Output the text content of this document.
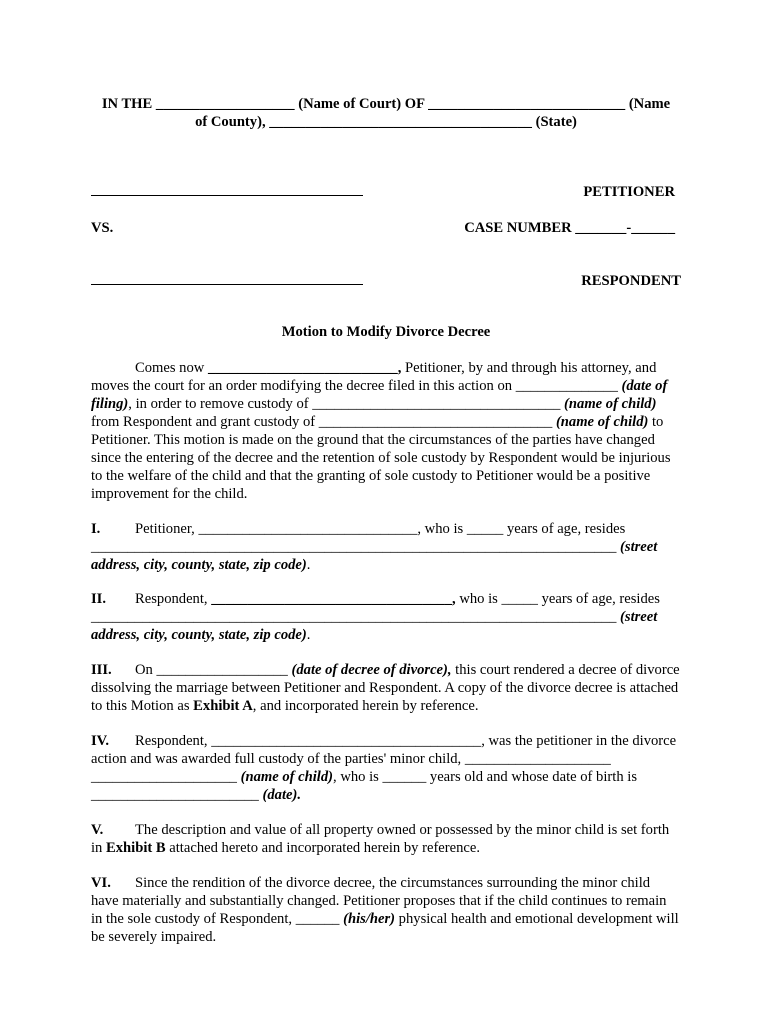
IN THE ___________________ (Name of Court) OF ___________________________ (Name
of County), ____________________________________ (State)
PETITIONER
VS.	CASE NUMBER _______-______
RESPONDENT
Motion to Modify Divorce Decree
Comes now __________________________, Petitioner, by and through his attorney, and moves the court for an order modifying the decree filed in this action on ______________ (date of filing), in order to remove custody of __________________________________ (name of child) from Respondent and grant custody of ________________________________ (name of child) to Petitioner. This motion is made on the ground that the circumstances of the parties have changed since the entering of the decree and the retention of sole custody by Respondent would be injurious to the welfare of the child and that the granting of sole custody to Petitioner would be a positive improvement for the child.
I. Petitioner, ______________________________, who is _____ years of age, resides ________________________________________________________________________ (street address, city, county, state, zip code).
II. Respondent, _________________________________, who is _____ years of age, resides ________________________________________________________________________ (street address, city, county, state, zip code).
III. On __________________ (date of decree of divorce), this court rendered a decree of divorce dissolving the marriage between Petitioner and Respondent. A copy of the divorce decree is attached to this Motion as Exhibit A, and incorporated herein by reference.
IV. Respondent, _____________________________________, was the petitioner in the divorce action and was awarded full custody of the parties' minor child, ____________________ ____________________ (name of child), who is ______ years old and whose date of birth is _______________________ (date).
V. The description and value of all property owned or possessed by the minor child is set forth in Exhibit B attached hereto and incorporated herein by reference.
VI. Since the rendition of the divorce decree, the circumstances surrounding the minor child have materially and substantially changed. Petitioner proposes that if the child continues to remain in the sole custody of Respondent, ______ (his/her) physical health and emotional development will be severely impaired.
